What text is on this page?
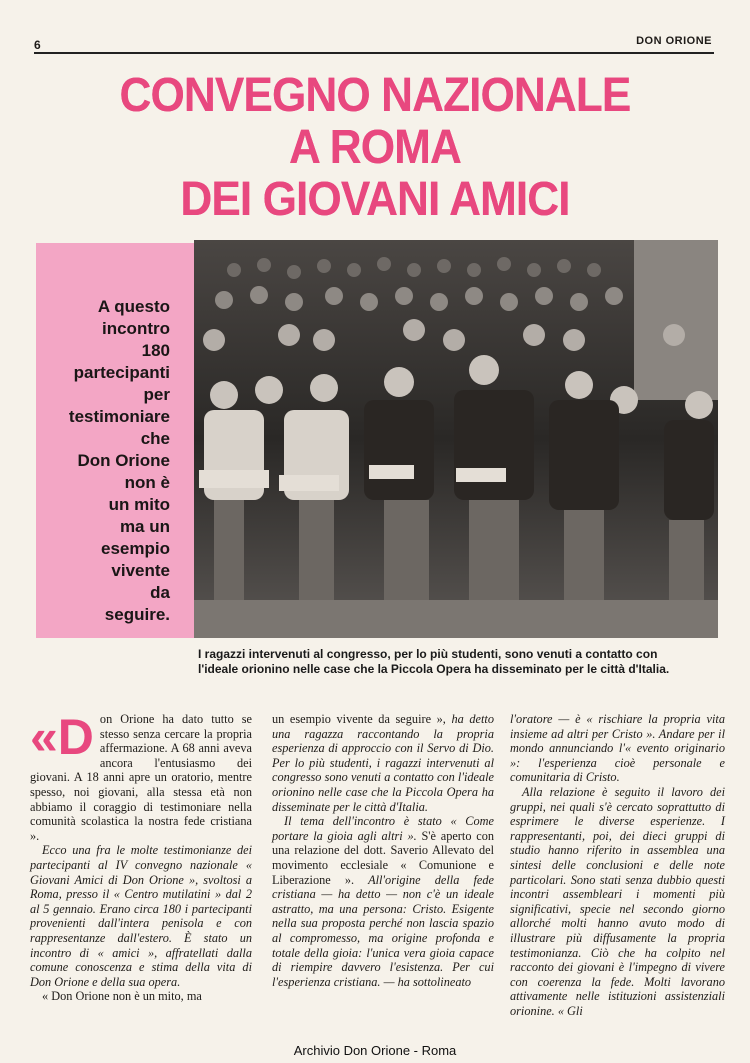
6	DON ORIONE
CONVEGNO NAZIONALE
A ROMA
DEI GIOVANI AMICI
A questo
incontro
180
partecipanti
per
testimoniare
che
Don Orione
non è
un mito
ma un
esempio
vivente
da
seguire.
I ragazzi intervenuti al congresso, per lo più studenti, sono venuti a contatto con
l'ideale orionino nelle case che la Piccola Opera ha disseminato per le città d'Italia.

«Don Orione ha dato tutto se stesso senza cercare la propria affermazione. A 68 anni aveva ancora l'entusiasmo dei giovani. A 18 anni apre un oratorio, mentre spesso, noi giovani, alla stessa età non abbiamo il coraggio di testimoniare nella comunità scolastica la nostra fede cristiana ».

Ecco una fra le molte testimonianze dei partecipanti al IV convegno nazionale « Giovani Amici di Don Orione », svoltosi a Roma, presso il « Centro mutilatini » dal 2 al 5 gennaio. Erano circa 180 i partecipanti provenienti dall'intera penisola e con rappresentanze dall'estero. È stato un incontro di « amici », affratellati dalla comune conoscenza e stima della vita di Don Orione e della sua opera.

« Don Orione non è un mito, ma

un esempio vivente da seguire », ha detto una ragazza raccontando la propria esperienza di approccio con il Servo di Dio. Per lo più studenti, i ragazzi intervenuti al congresso sono venuti a contatto con l'ideale orionino nelle case che la Piccola Opera ha disseminate per le città d'Italia.

Il tema dell'incontro è stato « Come portare la gioia agli altri ». S'è aperto con una relazione del dott. Saverio Allevato del movimento ecclesiale « Comunione e Liberazione ». All'origine della fede cristiana — ha detto — non c'è un ideale astratto, ma una persona: Cristo. Esigente nella sua proposta perché non lascia spazio al compromesso, ma origine profonda e totale della gioia: l'unica vera gioia capace di riempire davvero l'esistenza. Per cui l'esperienza cristiana. — ha sottolineato

l'oratore — è « rischiare la propria vita insieme ad altri per Cristo ». Andare per il mondo annunciando l'« evento originario »: l'esperienza cioè personale e comunitaria di Cristo.

Alla relazione è seguito il lavoro dei gruppi, nei quali s'è cercato soprattutto di esprimere le diverse esperienze. I rappresentanti, poi, dei dieci gruppi di studio hanno riferito in assemblea una sintesi delle conclusioni e delle note particolari. Sono stati senza dubbio questi incontri assembleari i momenti più significativi, specie nel secondo giorno allorché molti hanno avuto modo di illustrare più diffusamente la propria testimonianza. Ciò che ha colpito nel racconto dei giovani è l'impegno di vivere con coerenza la fede. Molti lavorano attivamente nelle istituzioni assistenziali orionine. « Gli

Archivio Don Orione - Roma
